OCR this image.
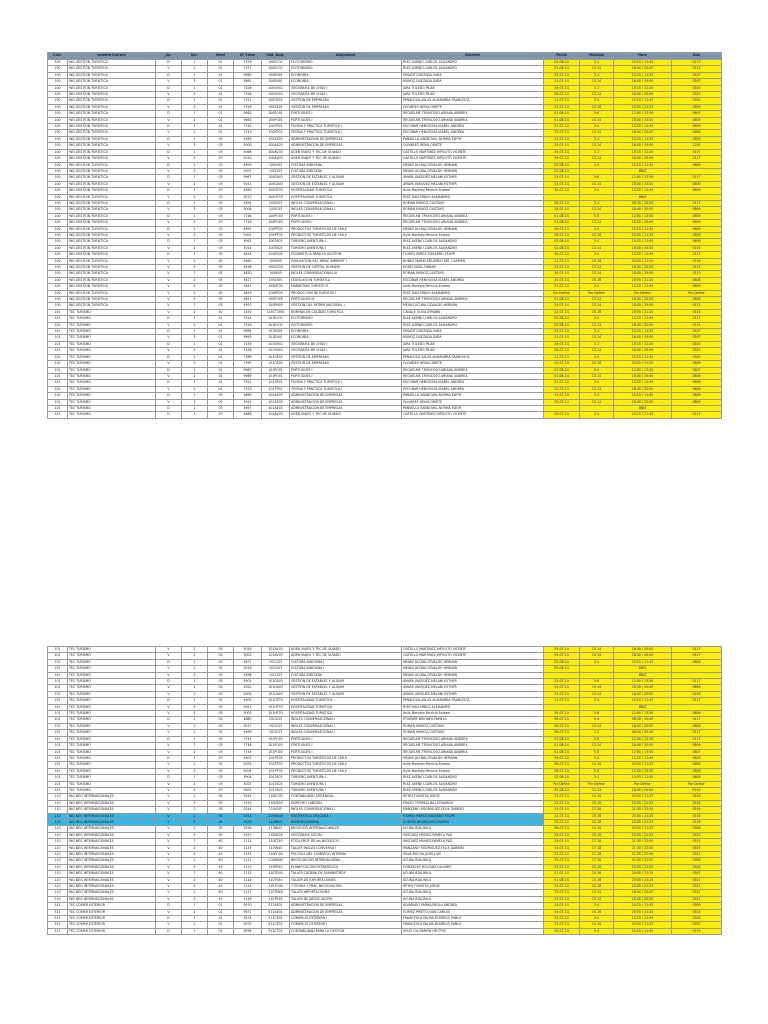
Carr.	nombre Carrera	Jor.	Sec.	Nivel	N° Clase	Cód. Asig.	Asignatura	Docente	Fecha	Módulos	Hora	Sala
100	ING GESTION TURISTICA	D	1	01	7376	100ECO1	ECOTURISMO	RUIZ ASENJO,CARLOS ALEJANDRO	02-08-14	3-4	10:15 / 11:45	0113
100	ING GESTION TURISTICA	V	2	01	7377	100ECO1	ECOTURISMO	RUIZ ASENJO,CARLOS ALEJANDRO	01-08-14	13-14	18:40 / 20:00	0115
100	ING GESTION TURISTICA	D	1	01	9980	100EN01	ECONOMIA	MUNOZ QUEZADA,SARA	23-07-14	3-4	10:15 / 11:45	0207
100	ING GESTION TURISTICA	V	2	01	9981	100EN01	ECONOMIA	MUNOZ QUEZADA,SARA	21-07-14	13-14	18:40 / 20:00	0207
100	ING GESTION TURISTICA	D	1	01	7326	100GH01	GEOGRAFIA DE CHILE I	JARA TOLEDO,PILAR	29-07-14	3-4	10:15 / 11:45	0320
100	ING GESTION TURISTICA	V	2	01	7328	100GH01	GEOGRAFIA DE CHILE I	JARA TOLEDO,PILAR	26-07-14	13-14	18:40 / 20:00	0320
100	ING GESTION TURISTICA	D	1	01	7312	100GE01	GESTION DE EMPRESAS	PENALOZA SALAS,ALEJANDRA FRANCISCA	21-07-14	3-4	10:15 / 11:45	0305
100	ING GESTION TURISTICA	V	2	01	7316	100GE01	GESTION DE EMPRESAS	OLIVARES HEVIA,ORIETE	22-07-14	15-16	20:05 / 21:25	0809
100	ING GESTION TURISTICA	D	1	01	9982	100PO01	PORTUGUES I	REQUELME TRONCOSO,ARIANA ANDREA	01-08-14	5-6	12:00 / 13:30	0807
100	ING GESTION TURISTICA	V	2	01	9983	100PO01	PORTUGUES I	REQUELME TRONCOSO,ARIANA ANDREA	01-08-14	13-14	18:40 / 20:00	0809
100	ING GESTION TURISTICA	D	1	01	7742	100TP01	TEORIA Y PRACTICA TURISTICA I	ESCOBAR HENOSOSA,ISABEL ANDREA	22-07-14	3-4	10:15 / 11:45	0809
100	ING GESTION TURISTICA	V	2	01	7743	100TP01	TEORIA Y PRACTICA TURISTICA I	ESCOBAR HENOSOSA,ISABEL ANDREA	22-07-14	13-14	18:40 / 20:00	0808
100	ING GESTION TURISTICA	D	1	03	4983	100AE03	ADMINISTRACION DE EMPRESAS	PANSELLA SANDOVAL,NORMA EDITH	31-07-14	3-4	10:15 / 11:45	0809
100	ING GESTION TURISTICA	V	2	03	5000	100AE03	ADMINISTRACION DE EMPRESAS	OLIVARES HEVIA,ORIETE	25-07-14	13-14	18:40 / 20:00	1202
100	ING GESTION TURISTICA	D	1	03	4986	100AV03	AGEN VIAJES Y TEC DE GUIADO	CASTILLO MARTINEZ,HIPOLITO VICENTE	29-07-14	3-4	10:15 / 11:45	0117
100	ING GESTION TURISTICA	V	2	03	5010	100AV03	AGEN VIAJES Y TEC DE GUIADO	CASTILLO MARTINEZ,HIPOLITO VICENTE	29-07-14	13-14	18:40 / 20:00	0117
100	ING GESTION TURISTICA	D	1	03	4993	100CI03	CULTURA INDIGENA	MEJIAS ACUNA,OSVALDO HERNAN	02-08-14	3-4	10:15 / 11:45	0809
100	ING GESTION TURISTICA	V	2	03	5007	100CI03	CULTURA INDIGENA	MEJIAS ACUNA,OSVALDO HERNAN	02-08-14		8N/S	
100	ING GESTION TURISTICA	D	1	03	9987	100GA03	GESTION DE ESTABLEC Y ALOJAM	AMAYA VASQUEZ,MELANI ESTHER	23-07-14	5-6	12:00 / 13:30	0117
100	ING GESTION TURISTICA	V	2	03	5011	100GA03	GESTION DE ESTABLEC Y ALOJAM	AMAYA VASQUEZ,MELANI ESTHER	23-07-14	13-14	18:40 / 20:00	0809
100	ING GESTION TURISTICA	D	1	03	4990	100HT03	HOSPITALIDAD TURISTICA	Avila Montero,Patricia Andrea	30-07-14	3-4	10:15 / 11:45	0809
100	ING GESTION TURISTICA	V	2	03	5012	100HT03	HOSPITALIDAD TURISTICA	RUIZ RUIZ,PABLO ALEJANDRO			8N/S	
100	ING GESTION TURISTICA	D	1	03	4994	100IC03	INGLES CONVERSACIONAL I	ROMAN MUNOZ,GUSTAVO	28-07-14	3-4	08:30 / 10:00	0117
100	ING GESTION TURISTICA	V	2	03	5008	100IC03	INGLES CONVERSACIONAL I	ROMAN MUNOZ,GUSTAVO	28-07-14	13-14	18:40 / 20:00	0809
100	ING GESTION TURISTICA	D	1	03	7748	100PO03	PORTUGUES I	REQUELME TRONCOSO,ARIANA ANDREA	01-08-14	5-6	12:00 / 13:30	0809
100	ING GESTION TURISTICA	V	2	03	7749	100PO03	PORTUGUES I	REQUELME TRONCOSO,ARIANA ANDREA	01-08-14	13-14	18:40 / 20:00	0809
100	ING GESTION TURISTICA	D	1	03	4991	100PT03	PRODUCTOS TURISTICOS DE CHILE	MEJIAS ACUNA,OSVALDO HERNAN	29-07-14	3-4	10:15 / 11:45	0809
100	ING GESTION TURISTICA	V	2	03	5001	100PT03	PRODUCTOS TURISTICOS DE CHILE	Avila Montero,Patricia Andrea	28-07-14	15-16	20:05 / 21:25	0809
100	ING GESTION TURISTICA	D	1	03	4992	100TA03	TURISMO AVENTURA I	RUIZ ASENJO,CARLOS ALEJANDRO	02-08-14	3-4	10:15 / 11:45	0809
100	ING GESTION TURISTICA	V	2	03	5014	100TA03	TURISMO AVENTURA I	RUIZ ASENJO,CARLOS ALEJANDRO	02-08-14	13-14	18:40 / 20:00	0115
100	ING GESTION TURISTICA	D	1	05	4818	100ES05	ESTADISTICA PARA LA GESTION	FLORES PAREZ,EDUARDO FELIPE	30-07-14	3-4	10:15 / 11:45	0113
100	ING GESTION TURISTICA	V	2	05	4962	100IE05	EVALUACION DEL IMPAC AMBIENT I	NUNEZ MARIN,EDUARDO DEL CARMEN	21-07-14	15-16	20:05 / 21:25	0116
100	ING GESTION TURISTICA	V	2	05	4596	100GC05	GESTION DE CAPITAL HUMANO	HODD VIDAL,FABIAN	22-07-14	13-14	18:40 / 20:00	0113
100	ING GESTION TURISTICA	V	2	05	4820	100IE05	INGLES CONVERSACIONAL III	ROMAN MUNOZ,GUSTAVO	30-07-14	13-14	18:40 / 20:00	0113
100	ING GESTION TURISTICA	V	2	05	4617	100LT05	LEGISLACION TURISTICA	ESCOBAR HENOSOSA,ISABEL ANDREA	25-07-14	15-16	20:05 / 21:25	0808
100	ING GESTION TURISTICA	V	2	05	4642	100MT05	MARKETING TURISTICO	Avila Montero,Patricia Andrea	31-07-14	3-4	10:15 / 11:45	0809
100	ING GESTION TURISTICA	V	2	05	4619	100PE05	PRODUCCION DE EVENTOS I	RUIZ RUIZ,PABLO ALEJANDRO	Por Definir	Por Definir	Por Definir	Por Definir
100	ING GESTION TURISTICA	V	2	05	4821	100PO05	PORTUGUES III	REQUELME TRONCOSO,ARIANA ANDREA	01-08-14	13-14	18:40 / 20:00	0806
100	ING GESTION TURISTICA	V	2	05	4953	100PN05	GESTION DEL PATRIM NACIONAL I	MEJIAS ACUNA,OSVALDO HERNAN	24-07-14	13-14	18:40 / 20:00	0115
101	TEC TURISMO	V	2	40	1530	100CT1MO	NORMAS DE CALIDAD TURISTICA	CANALE OLIVA,AYMARA	22-07-14	15-16	20:05 / 21:25	0216
101	TEC TURISMO	D	1	01	7514	101ECO1	ECOTURISMO	RUIZ ASENJO,CARLOS ALEJANDRO	02-08-14	3-4	10:15 / 11:45	0113
101	TEC TURISMO	V	2	01	7516	101ECO1	ECOTURISMO	RUIZ ASENJO,CARLOS ALEJANDRO	02-08-14	13-14	18:40 / 20:00	0115
101	TEC TURISMO	D	1	01	9984	101EN01	ECONOMIA	MUNOZ QUEZADA,SARA	23-07-14	3-4	10:15 / 11:45	0207
101	TEC TURISMO	V	2	01	9985	101EN01	ECONOMIA	MUNOZ QUEZADA,SARA	21-07-14	13-14	18:40 / 20:00	0207
101	TEC TURISMO	D	1	01	7455	101GH01	GEOGRAFIA DE CHILE I	JARA TOLEDO,PILAR	29-07-14	3-4	10:15 / 11:45	0320
101	TEC TURISMO	V	2	01	7458	101GH01	GEOGRAFIA DE CHILE I	JARA TOLEDO,PILAR	26-07-14	13-14	18:40 / 20:00	0320
101	TEC TURISMO	D	1	01	7389	101GE01	GESTION DE EMPRESAS	PENALOZA SALAS,ALEJANDRA FRANCISCA	21-07-14	3-4	10:15 / 11:45	0305
101	TEC TURISMO	V	2	01	7395	101GE01	GESTION DE EMPRESAS	OLIVARES HEVIA,ORIETE	22-07-14	15-16	20:05 / 21:25	0809
101	TEC TURISMO	D	1	01	9987	101PO01	PORTUGUES I	REQUELME TRONCOSO,ARIANA ANDREA	01-08-14	5-6	12:00 / 13:30	0807
101	TEC TURISMO	V	2	01	9989	101PO01	PORTUGUES I	REQUELME TRONCOSO,ARIANA ANDREA	01-08-14	13-14	18:40 / 20:00	0806
101	TEC TURISMO	D	1	01	7521	101TP01	TEORIA Y PRACTICA TURISTICA I	ESCOBAR HENOSOSA,ISABEL ANDREA	22-07-14	3-4	10:15 / 11:45	0808
101	TEC TURISMO	V	2	01	7523	101TP01	TEORIA Y PRACTICA TURISTICA I	ESCOBAR HENOSOSA,ISABEL ANDREA	22-07-14	13-14	18:40 / 20:00	0808
101	TEC TURISMO	D	1	03	4865	101AE03	ADMINISTRACION DE EMPRESAS	PANSELLA SANDOVAL,NORMA EDITH	31-07-14	3-4	10:15 / 11:45	0809
101	TEC TURISMO	V	2	03	5015	101AE03	ADMINISTRACION DE EMPRESAS	OLIVARES HEVIA,ORIETE	25-07-14	13-14	18:40 / 20:00	0809
101	TEC TURISMO	D	1	03	4997	101AE03	ADMINISTRACION DE EMPRESAS	PANSELLA SANDOVAL,NORMA EDITH			8N/S	
101	TEC TURISMO	D	1	03	4886	101AV03	AGEN VIAJES Y TEC DE GUIADO	CASTILLO MARTINEZ,HIPOLITO VICENTE	29-07-14	3-4	10:15 / 11:45	0117
101	TEC TURISMO	V	2	03	5019	101AV03	AGEN VIAJES Y TEC DE GUIADO	CASTILLO MARTINEZ,HIPOLITO VICENTE	29-07-14	13-14	18:40 / 20:00	0117
101	TEC TURISMO	V	2	03	5001	101AV03	AGEN VIAJES Y TEC DE GUIADO	CASTILLO MARTINEZ,HIPOLITO VICENTE	29-07-14	13-14	18:40 / 20:00	0117
101	TEC TURISMO	D	1	03	4871	101CI03	CULTURA INDIGENA I	MEJIAS ACUNA,OSVALDO HERNAN	02-08-14	3-4	10:15 / 11:45	0809
101	TEC TURISMO	V	2	03	5016	101CI03	CULTURA INDIGENA I	MEJIAS ACUNA,OSVALDO HERNAN	02-08-14		8N/S	
101	TEC TURISMO	V	2	03	4998	101CI03	CULTURA INDIGENA	MEJIAS ACUNA,OSVALDO HERNAN			8N/S	
101	TEC TURISMO	D	1	03	4901	101GA03	GESTION DE ESTABLEC Y ALOJAM	AMAYA VASQUEZ,MELANI ESTHER	23-07-14	5-6	12:00 / 13:30	0117
101	TEC TURISMO	V	2	03	5020	101GA03	GESTION DE ESTABLEC Y ALOJAM	AMAYA VASQUEZ,MELANI ESTHER	23-07-14	13-14	18:40 / 20:00	0809
101	TEC TURISMO	V	2	03	5002	101GA03	GESTION DE ESTABLEC Y ALOJAM	AMAYA VASQUEZ,MELANI ESTHER	23-07-14	13-14	18:40 / 20:00	0216
101	TEC TURISMO	D	1	03	4902	101HT03	HOSPITALIDAD TURISTICA	PENALOZA SALAS,ALEJANDRA FRANCISCA	21-07-14	3-4	10:15 / 11:45	0117
101	TEC TURISMO	V	2	03	5021	101HT03	HOSPITALIDAD TURISTICA	RUIZ RUIZ,PABLO ALEJANDRO			8N/S	
101	TEC TURISMO	V	2	03	5003	101HT03	HOSPITALIDAD TURISTICA	Avila Montero,Patricia Andrea	30-07-14	5-6	12:00 / 13:30	0809
101	TEC TURISMO	D	1	03	4880	101IC03	INGLES CONVERSACIONAL I	STUEBER BRIONES,PAMELA	28-07-14	3-4	08:30 / 10:00	0117
101	TEC TURISMO	V	2	03	5017	101IC03	INGLES CONVERSACIONAL I	ROMAN MUNOZ,GUSTAVO	28-07-14	13-14	18:40 / 20:00	0809
101	TEC TURISMO	V	2	03	4999	101IC03	INGLES CONVERSACIONAL I	ROMAN MUNOZ,GUSTAVO	28-07-14	1-2	08:00 / 09:30	0117
101	TEC TURISMO	D	1	03	7744	101PO03	PORTUGUES I	REQUELME TRONCOSO,ARIANA ANDREA	01-08-14	5-6	12:00 / 13:30	0117
101	TEC TURISMO	V	2	03	7746	101PO03	PORTUGUES I	REQUELME TRONCOSO,ARIANA ANDREA	01-08-14	13-14	18:40 / 20:00	0809
101	TEC TURISMO	V	2	03	7745	101PO03	PORTUGUES I	REQUELME TRONCOSO,ARIANA ANDREA	01-08-14	5-6	12:00 / 13:30	0807
101	TEC TURISMO	D	1	03	4903	101PT03	PRODUCTOS TURISTICOS DE CHILE	MEJIAS ACUNA,OSVALDO HERNAN	29-07-14	3-4	10:15 / 11:45	0809
101	TEC TURISMO	V	2	03	5022	101PT03	PRODUCTOS TURISTICOS DE CHILE	Avila Montero,Patricia Andrea	28-07-14	15-16	20:05 / 21:25	0809
101	TEC TURISMO	V	2	03	5004	101PT03	PRODUCTOS TURISTICOS DE CHILE	Avila Montero,Patricia Andrea	28-07-14	5-6	12:00 / 13:30	0809
101	TEC TURISMO	D	1	03	4904	101TA03	TURISMO AVENTURA I	RUIZ ASENJO,CARLOS ALEJANDRO	02-08-14	3-4	10:15 / 11:45	0809
101	TEC TURISMO	V	2	03	5023	101TA03	TURISMO AVENTURA I	RUIZ ASENJO,CARLOS ALEJANDRO	Por Definir	Por Definir	Por Definir	Por Definir
101	TEC TURISMO	V	2	03	5005	101TA03	TURISMO AVENTURA I	RUIZ ASENJO,CARLOS ALEJANDRO	02-08-14	13-14	18:40 / 20:00	0113
110	ING NEG INTERNACIONALES	V	2	05	5242	110EC05	CONTABILIDAD GERENCIAL	REYES FUENTES,JORGE	23-07-14	15-16	20:05 / 21:25	0216
110	ING NEG INTERNACIONALES	V	2	05	5243	110DE05	DERECHO LABORAL	ERAZO TORREALBA,LEONARDO	22-07-14	15-16	20:05 / 21:25	0216
110	ING NEG INTERNACIONALES	V	2	05	5244	110IC05	INGLES CONVERSACIONAL I	MANZANO RODRIGUEZ,FELIX GABRIEL	21-07-14	17-18	21:30 / 22:50	0216
110	ING NEG INTERNACIONALES	V	2	05	5254	110MA05	MATEMATICA APLICADA I	FLORES PAREZ,EDUARDO FELIPE	22-07-14	15-16	20:05 / 21:25	0216
110	ING NEG INTERNACIONALES	V	2	05	5255	110MI05	MICROECONOMIA	CORTES RODRIGUEZ,MAURO	25-07-14	15-16	20:05 / 21:25	0216
110	ING NEG INTERNACIONALES	V	2	05	5256	110NI05	NEGOCIOS INTERNACIONALES	ACUNA RDA,RAUL	28-07-14	15-16	20:05 / 21:25	0308
110	ING NEG INTERNACIONALES	V	2	05	5257	110NS05	GEOGRAFIA SOCIAL	VASQUEZ MUNOZ,PAMELA PAZ	29-07-14	15-16	20:05 / 21:25	0310
110	ING NEG INTERNACIONALES	V	2	40	1111	110ET40	ETICA PROF DE los NEGOCIOS	VASQUEZ MUNOZ,PAMELA PAZ	23-07-14	17-18	21:30 / 22:50	0311
110	ING NEG INTERNACIONALES	V	2	40	1119	110IN40	TALLER INGLES CONVERSA I	MANZANO RODRIGUEZ,FELIX GABRIEL	24-07-14	17-18	21:30 / 22:50	0303
110	ING NEG INTERNACIONALES	V	2	40	1143	110PC40	POLITICA DEL COMERCIO INTERNA	SILVA ROCHA,JUAN LUIS	22-07-14	17-18	21:30 / 22:50	0311
110	ING NEG INTERNACIONALES	V	2	40	1112	110NN40	NEGOCIACION INTERNACIONAL	ACUNA RDA,RAUL	25-07-14	17-18	21:30 / 22:50	0309
110	ING NEG INTERNACIONALES	V	2	40	1113	110PE40	PLANIFICACION ESTRATEGICA	GONZALEZ HOLGADO,ALVARO	23-07-14	15-16	20:05 / 21:25	0304
110	ING NEG INTERNACIONALES	V	2	40	1115	110TD40	TALLER CADENA DE SUMINISTROS	ACUNA RDA,RAUL	21-07-14	15-16	20:05 / 21:25	0307
110	ING NEG INTERNACIONALES	V	2	40	1116	110TE40	TALLER DE EXPORTACIONES	ACUNA RDA,RAUL	01-08-14	15-16	20:05 / 21:25	0311
110	ING NEG INTERNACIONALES	V	2	40	1114	110TO40	T.TEORIA Y PRAC NEGOCIACION	REYES FUENTES,JORGE	24-07-14	15-16	20:05 / 21:25	0311
110	ING NEG INTERNACIONALES	V	2	40	1117	110TN40	TALLER IMPORTACIONES	ACUNA RDA,RAUL	22-07-14	13-14	18:40 / 20:00	0312
110	ING NEG INTERNACIONALES	V	2	40	1118	110TR40	TALLER DE NEGOCIACION	ACUNA RDA,RAUL	23-07-14	13-14	18:40 / 20:00	0311
511	TEC COMER EXTERIOR	D	1	01	9570	511AE01	ADMINISTRACION DE EMPRESAS	ALVARADO PARRA,PAULA ANDREA	24-07-14	3-4	10:15 / 11:45	0309
511	TEC COMER EXTERIOR	V	2	01	9571	511AE01	ADMINISTRACION DE EMPRESAS	GOMEZ PRIETO,JUAN CARLOS	29-07-14	15-16	20:05 / 21:25	0315
511	TEC COMER EXTERIOR	D	1	01	9574	511CE01	COMERCIO EXTERIOR I	FRANCESCA PALMA,RODRIGO PABLO	23-07-14	3-4	10:15 / 11:45	0304
511	TEC COMER EXTERIOR	V	2	01	9575	511CE01	COMERCIO EXTERIOR I	FRANCESCA PALMA,RODRIGO PABLO	23-07-14	15-16	20:05 / 21:25	0207
511	TEC COMER EXTERIOR	D	1	01	9594	511CT01	CONTABILIDAD PARA LA GESTION	SOLIS GIL,RAMON HECTOR	25-07-14	3-4	10:15 / 11:45	0213
